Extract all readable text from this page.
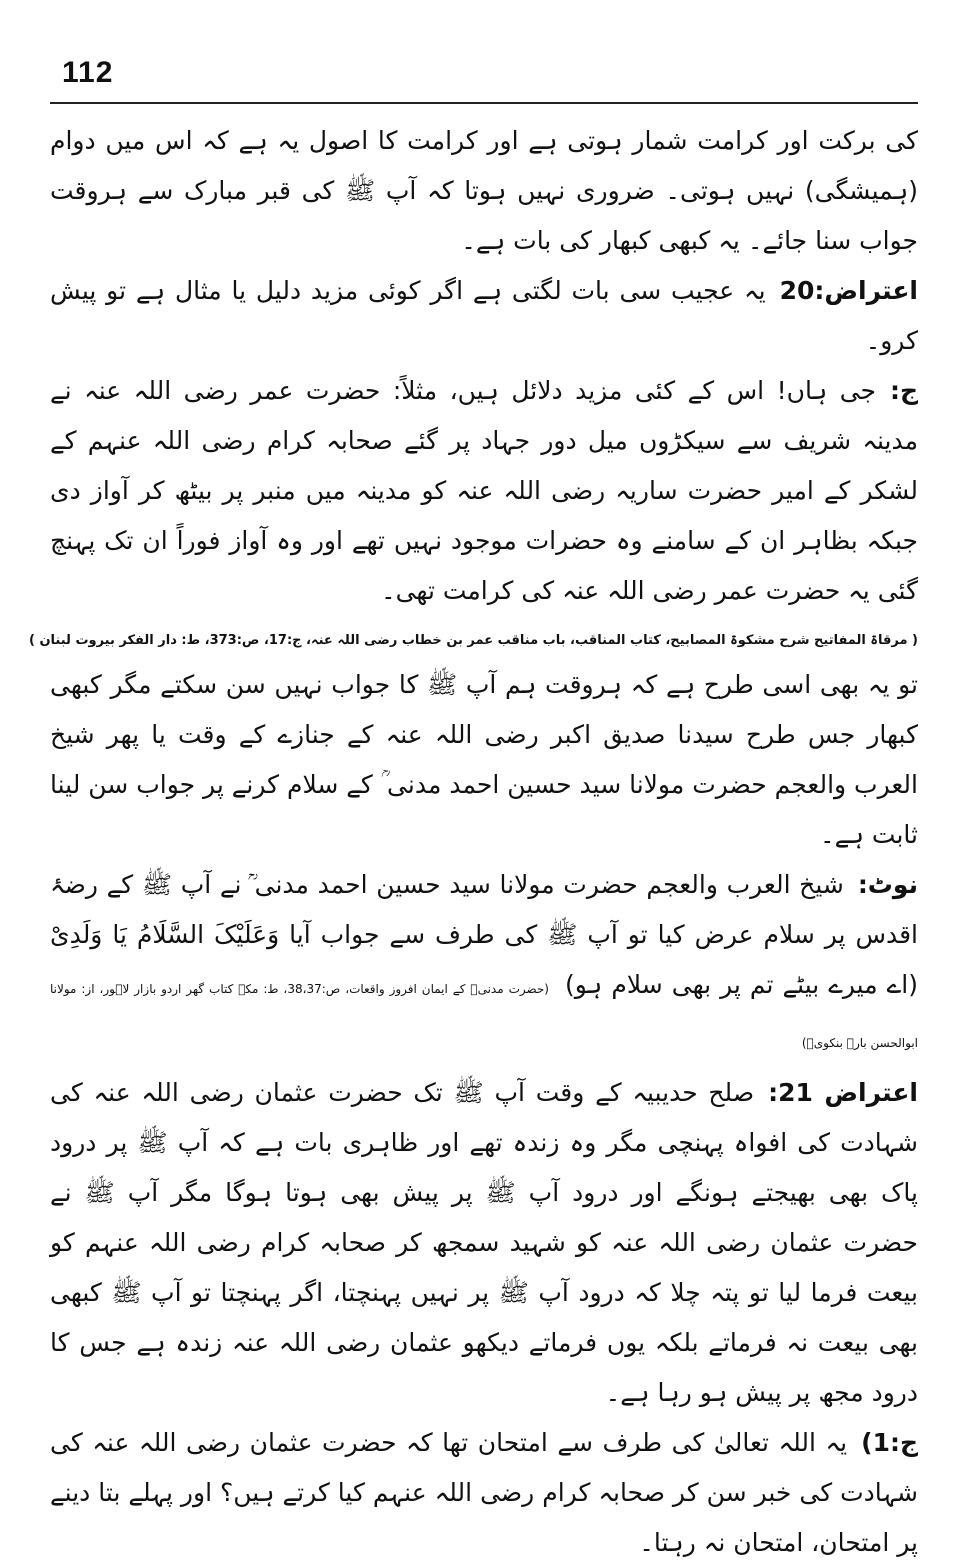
112

کی برکت اور کرامت شمار ہوتی ہے اور کرامت کا اصول یہ ہے کہ اس میں دوام (ہمیشگی) نہیں ہوتی۔ ضروری نہیں ہوتا کہ آپ ﷺ کی قبر مبارک سے ہروقت جواب سنا جائے۔ یہ کبھی کبھار کی بات ہے۔

اعتراض:20یہ عجیب سی بات لگتی ہے اگر کوئی مزید دلیل یا مثال ہے تو پیش کرو۔

ج:جی ہاں! اس کے کئی مزید دلائل ہیں، مثلاً: حضرت عمر رضی اللہ عنہ نے مدینہ شریف سے سیکڑوں میل دور جہاد پر گئے صحابہ کرام رضی اللہ عنہم کے لشکر کے امیر حضرت ساریہ رضی اللہ عنہ کو مدینہ میں منبر پر بیٹھ کر آواز دی جبکہ بظاہر ان کے سامنے وہ حضرات موجود نہیں تھے اور وہ آواز فوراً ان تک پہنچ گئی یہ حضرت عمر رضی اللہ عنہ کی کرامت تھی۔

( مرقاۃ المفاتیح شرح مشکوۃ المصابیح، کتاب المناقب، باب مناقب عمر بن خطاب رضی اللہ عنہ، ج:17، ص:373، ط: دار الفکر بیروت لبنان )

تو یہ بھی اسی طرح ہے کہ ہروقت ہم آپ ﷺ کا جواب نہیں سن سکتے مگر کبھی کبھار جس طرح سیدنا صدیق اکبر رضی اللہ عنہ کے جنازے کے وقت یا پھر شیخ العرب والعجم حضرت مولانا سید حسین احمد مدنی ؒ کے سلام کرنے پر جواب سن لینا ثابت ہے۔

نوٹ:شیخ العرب والعجم حضرت مولانا سید حسین احمد مدنی ؒ نے آپ ﷺ کے رضۂ اقدس پر سلام عرض کیا تو آپ ﷺ کی طرف سے جواب آیا وَعَلَیْکَ السَّلَامُ یَا وَلَدِیْ (اے میرے بیٹے تم پر بھی سلام ہو)(حضرت مدنیؒ کے ایمان افروز واقعات، ص:38،37، ط: مکہ کتاب گھر اردو بازار لاہور، از: مولانا ابوالحسن بارہ بنکویؒ)

اعتراض 21:صلح حدیبیہ کے وقت آپ ﷺ تک حضرت عثمان رضی اللہ عنہ کی شہادت کی افواہ پہنچی مگر وہ زندہ تھے اور ظاہری بات ہے کہ آپ ﷺ پر درود پاک بھی بھیجتے ہونگے اور درود آپ ﷺ پر پیش بھی ہوتا ہوگا مگر آپ ﷺ نے حضرت عثمان رضی اللہ عنہ کو شہید سمجھ کر صحابہ کرام رضی اللہ عنہم کو بیعت فرما لیا تو پتہ چلا کہ درود آپ ﷺ پر نہیں پہنچتا، اگر پہنچتا تو آپ ﷺ کبھی بھی بیعت نہ فرماتے بلکہ یوں فرماتے دیکھو عثمان رضی اللہ عنہ زندہ ہے جس کا درود مجھ پر پیش ہو رہا ہے۔

ج:1)یہ اللہ تعالیٰ کی طرف سے امتحان تھا کہ حضرت عثمان رضی اللہ عنہ کی شہادت کی خبر سن کر صحابہ کرام رضی اللہ عنہم کیا کرتے ہیں؟ اور پہلے بتا دینے پر امتحان، امتحان نہ رہتا۔
